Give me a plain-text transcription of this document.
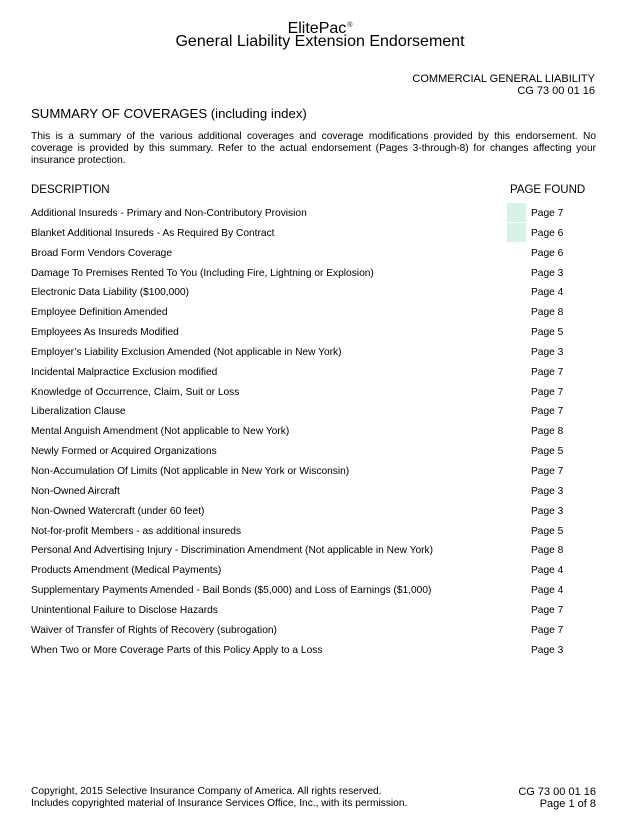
ElitePac®
General Liability Extension Endorsement
COMMERCIAL GENERAL LIABILITY
CG 73 00 01 16
SUMMARY OF COVERAGES (including index)
This is a summary of the various additional coverages and coverage modifications provided by this endorsement. No coverage is provided by this summary. Refer to the actual endorsement (Pages 3-through-8) for changes affecting your insurance protection.
DESCRIPTION	PAGE FOUND
Additional Insureds - Primary and Non-Contributory Provision	Page 7
Blanket Additional Insureds - As Required By Contract	Page 6
Broad Form Vendors Coverage	Page 6
Damage To Premises Rented To You (Including Fire, Lightning or Explosion)	Page 3
Electronic Data Liability ($100,000)	Page 4
Employee Definition Amended	Page 8
Employees As Insureds Modified	Page 5
Employer’s Liability Exclusion Amended (Not applicable in New York)	Page 3
Incidental Malpractice Exclusion modified	Page 7
Knowledge of Occurrence, Claim, Suit or Loss	Page 7
Liberalization Clause	Page 7
Mental Anguish Amendment (Not applicable to New York)	Page 8
Newly Formed or Acquired Organizations	Page 5
Non-Accumulation Of Limits (Not applicable in New York or Wisconsin)	Page 7
Non-Owned Aircraft	Page 3
Non-Owned Watercraft (under 60 feet)	Page 3
Not-for-profit Members - as additional insureds	Page 5
Personal And Advertising Injury - Discrimination Amendment (Not applicable in New York)	Page 8
Products Amendment (Medical Payments)	Page 4
Supplementary Payments Amended - Bail Bonds ($5,000) and Loss of Earnings ($1,000)	Page 4
Unintentional Failure to Disclose Hazards	Page 7
Waiver of Transfer of Rights of Recovery (subrogation)	Page 7
When Two or More Coverage Parts of this Policy Apply to a Loss	Page 3
Copyright, 2015 Selective Insurance Company of America. All rights reserved.
Includes copyrighted material of Insurance Services Office, Inc., with its permission.
CG 73 00 01 16
Page 1 of 8
